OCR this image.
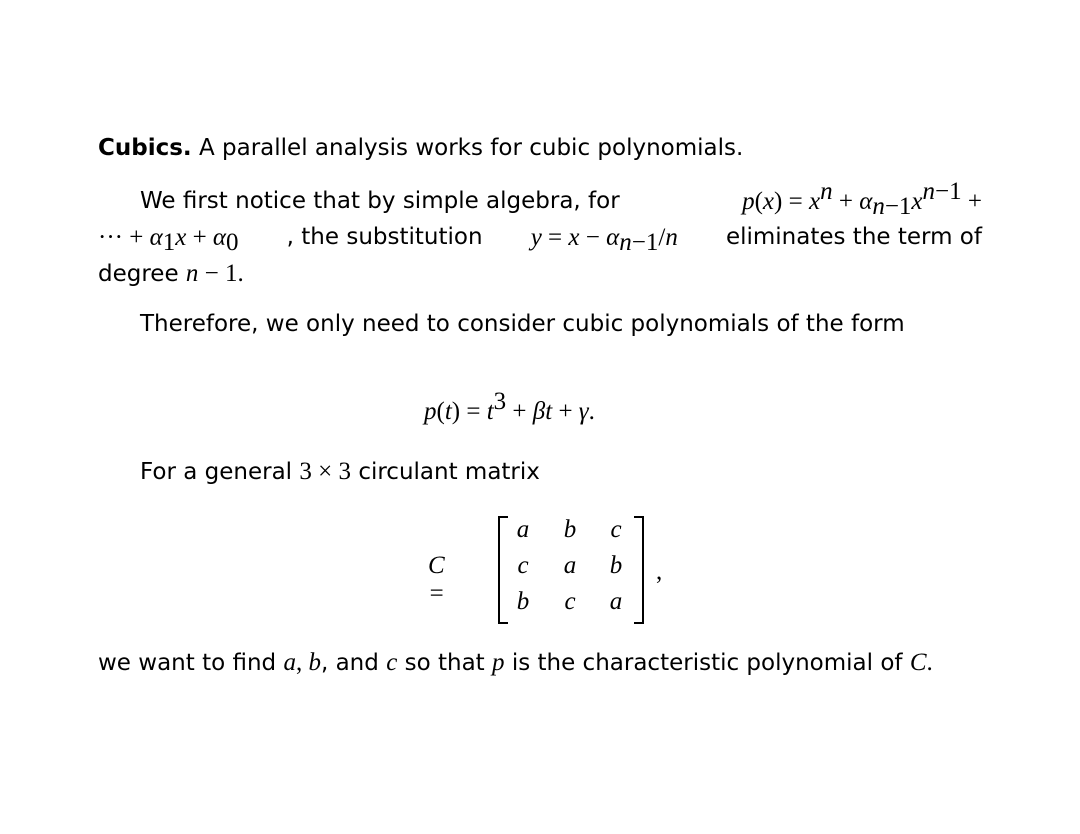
Cubics. A parallel analysis works for cubic polynomials.
We first notice that by simple algebra, for	$p(x) = x^n + \alpha_{n-1}x^{n-1}$ +
··· + $\alpha_1x + \alpha_0$ , the substitution $y = x - \alpha_{n-1}/n$ eliminates the term of
degree n − 1.
Therefore, we only need to consider cubic polynomials of the form
$p(t) = t^3 + \beta t + \gamma$.
For a general 3 × 3 circulant matrix
C =
a	b	c
c	a	b
b	c	a
,
we want to find a, b, and c so that p is the characteristic polynomial of C.
